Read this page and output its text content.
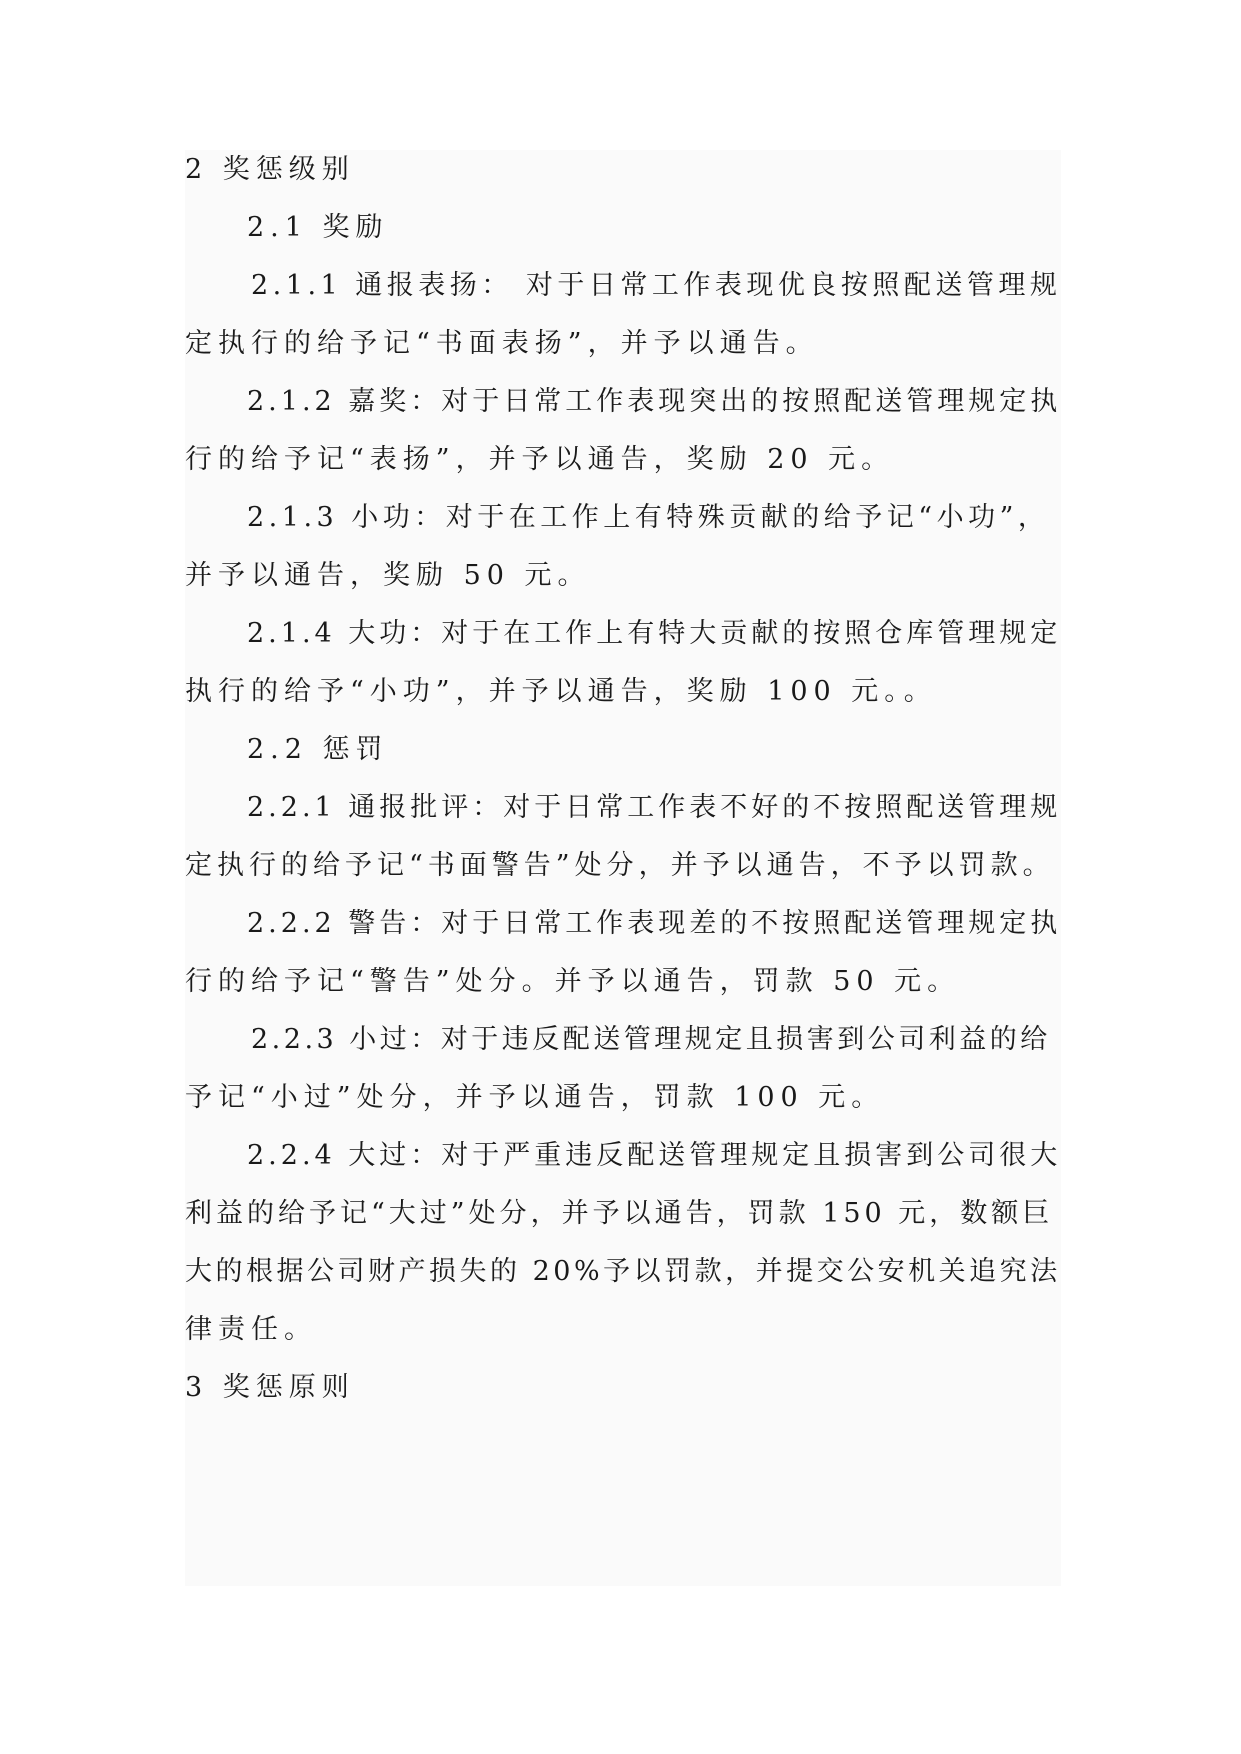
2 奖惩级别
2.1 奖励
2.1.1 通报表扬： 对于日常工作表现优良按照配送管理规
定执行的给予记“书面表扬”，并予以通告。
2.1.2 嘉奖：对于日常工作表现突出的按照配送管理规定执
行的给予记“表扬”，并予以通告，奖励 20 元。
2.1.3 小功：对于在工作上有特殊贡献的给予记“小功”，
并予以通告，奖励 50 元。
2.1.4 大功：对于在工作上有特大贡献的按照仓库管理规定
执行的给予“小功”，并予以通告，奖励 100 元。。
2.2 惩罚
2.2.1 通报批评：对于日常工作表不好的不按照配送管理规
定执行的给予记“书面警告”处分，并予以通告，不予以罚款。
2.2.2 警告：对于日常工作表现差的不按照配送管理规定执
行的给予记“警告”处分。并予以通告，罚款 50 元。
2.2.3 小过：对于违反配送管理规定且损害到公司利益的给
予记“小过”处分，并予以通告，罚款 100 元。
2.2.4 大过：对于严重违反配送管理规定且损害到公司很大
利益的给予记“大过”处分，并予以通告，罚款 150 元，数额巨
大的根据公司财产损失的 20%予以罚款，并提交公安机关追究法
律责任。
3 奖惩原则
